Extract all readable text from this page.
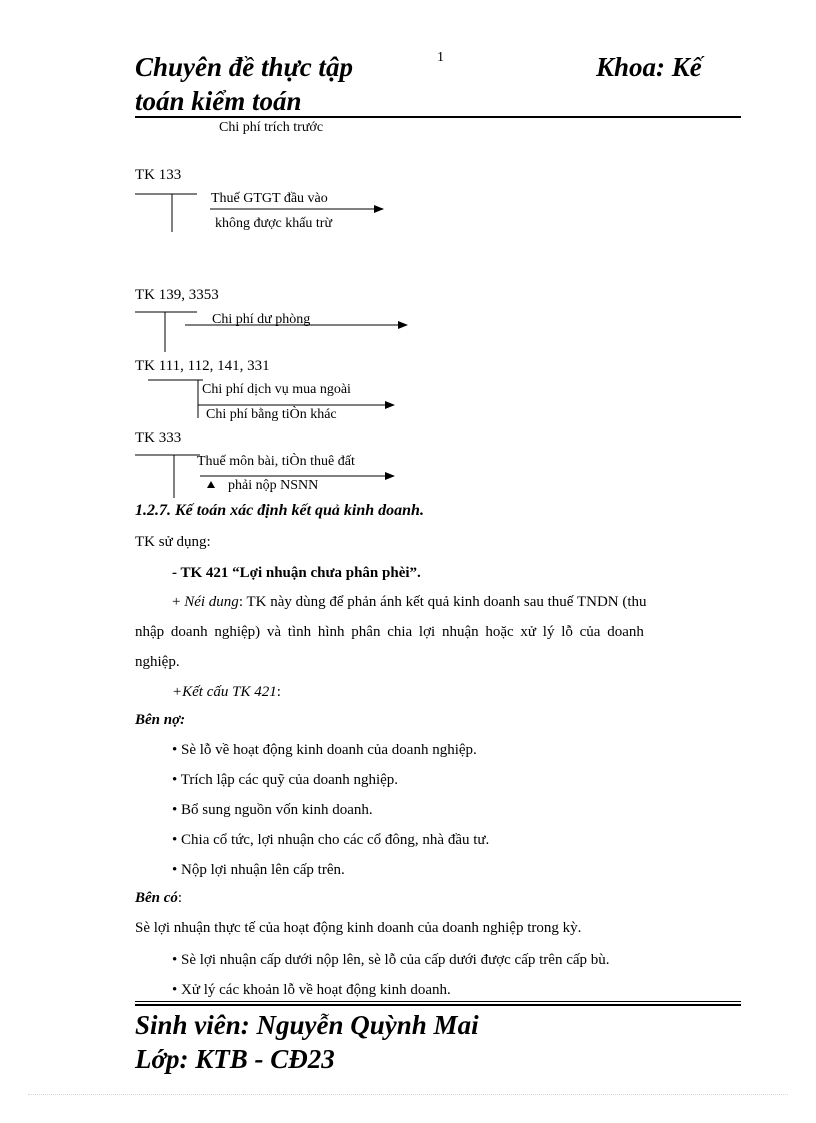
Chuyên đề thực tập	1	Khoa: Kế
toán kiểm toán
Chi phí trích trước
TK 133
Thuế GTGT đầu vào
không được khấu trừ
TK 139, 3353
Chi phí dư phòng
TK 111, 112, 141, 331
Chi phí dịch vụ mua ngoài
Chi phí bằng tiÒn khác
TK 333
Thuế môn bài, tiÒn thuê đất
phải nộp NSNN
1.2.7. Kế toán xác định kết quả kinh doanh.
TK sử dụng:
- TK 421 “Lợi nhuận chưa phân phèi”.
+ Néi dung: TK này dùng để phản ánh kết quả kinh doanh sau thuế TNDN (thu
nhập doanh nghiệp) và tình hình phân chia lợi nhuận hoặc xử lý lỗ của doanh
nghiệp.
+Kết cấu TK 421:
Bên nợ:
• Sè lỗ về hoạt động kinh doanh của doanh nghiệp.
• Trích lập các quỹ của doanh nghiệp.
• Bổ sung nguồn vốn kinh doanh.
• Chia cổ tức, lợi nhuận cho các cổ đông, nhà đầu tư.
• Nộp lợi nhuận lên cấp trên.
Bên có:
Sè lợi nhuận thực tế của hoạt động kinh doanh của doanh nghiệp trong kỳ.
• Sè lợi nhuận cấp dưới nộp lên, sè lỗ của cấp dưới được cấp trên cấp bù.
• Xử lý các khoản lỗ về hoạt động kinh doanh.
Sinh viên: Nguyễn Quỳnh Mai
Lớp: KTB - CĐ23
